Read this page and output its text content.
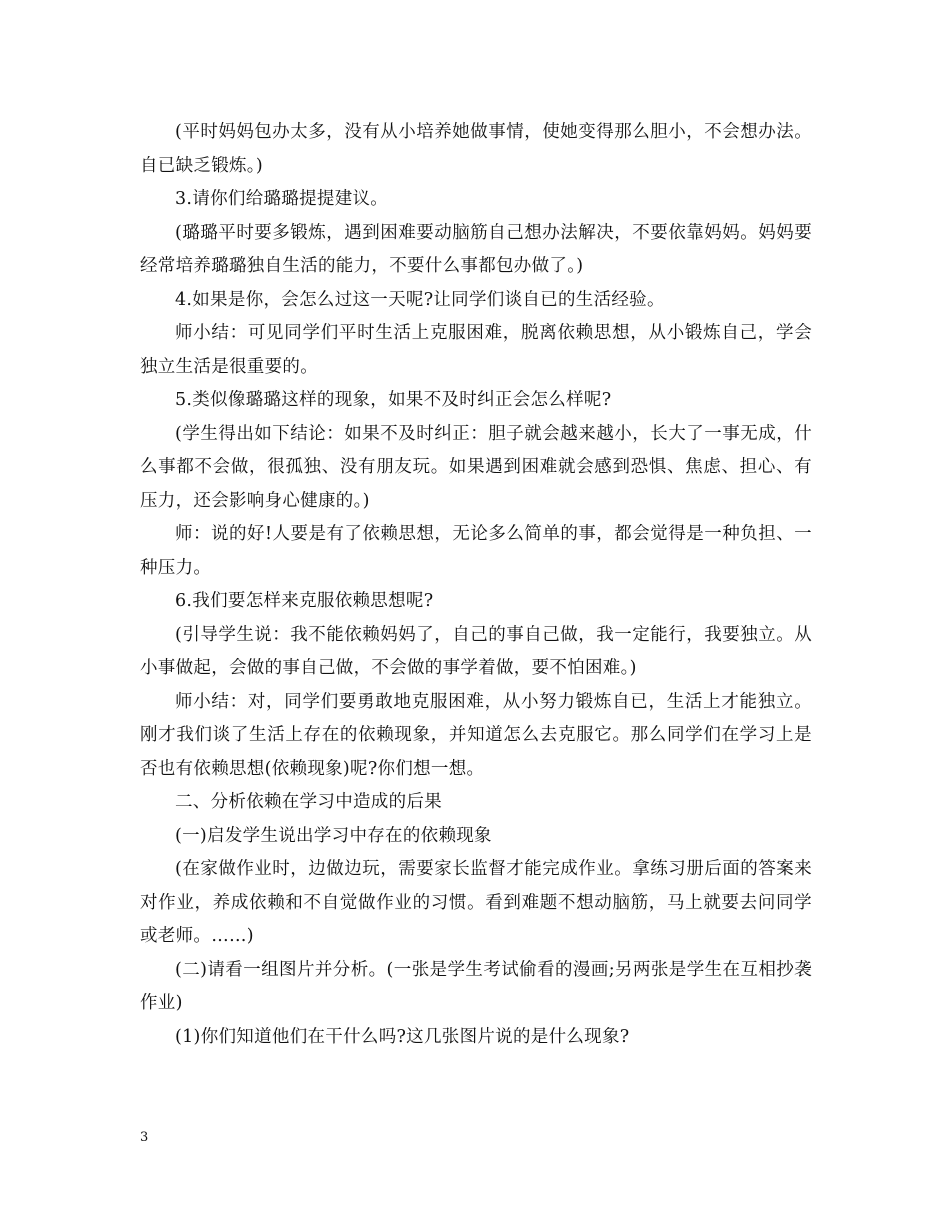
(平时妈妈包办太多，没有从小培养她做事情，使她变得那么胆小，不会想办法。自已缺乏锻炼。)

3.请你们给璐璐提提建议。

(璐璐平时要多锻炼，遇到困难要动脑筋自己想办法解决，不要依靠妈妈。妈妈要经常培养璐璐独自生活的能力，不要什么事都包办做了。)

4.如果是你，会怎么过这一天呢?让同学们谈自已的生活经验。

师小结：可见同学们平时生活上克服困难，脱离依赖思想，从小锻炼自己，学会独立生活是很重要的。

5.类似像璐璐这样的现象，如果不及时纠正会怎么样呢?

(学生得出如下结论：如果不及时纠正：胆子就会越来越小，长大了一事无成，什么事都不会做，很孤独、没有朋友玩。如果遇到困难就会感到恐惧、焦虑、担心、有压力，还会影响身心健康的。)

师：说的好!人要是有了依赖思想，无论多么简单的事，都会觉得是一种负担、一种压力。

6.我们要怎样来克服依赖思想呢?

(引导学生说：我不能依赖妈妈了，自己的事自己做，我一定能行，我要独立。从小事做起，会做的事自己做，不会做的事学着做，要不怕困难。)

师小结：对，同学们要勇敢地克服困难，从小努力锻炼自已，生活上才能独立。刚才我们谈了生活上存在的依赖现象，并知道怎么去克服它。那么同学们在学习上是否也有依赖思想(依赖现象)呢?你们想一想。

二、分析依赖在学习中造成的后果

(一)启发学生说出学习中存在的依赖现象

(在家做作业时，边做边玩，需要家长监督才能完成作业。拿练习册后面的答案来对作业，养成依赖和不自觉做作业的习惯。看到难题不想动脑筋，马上就要去问同学或老师。……)

(二)请看一组图片并分析。(一张是学生考试偷看的漫画;另两张是学生在互相抄袭作业)

(1)你们知道他们在干什么吗?这几张图片说的是什么现象?

3
